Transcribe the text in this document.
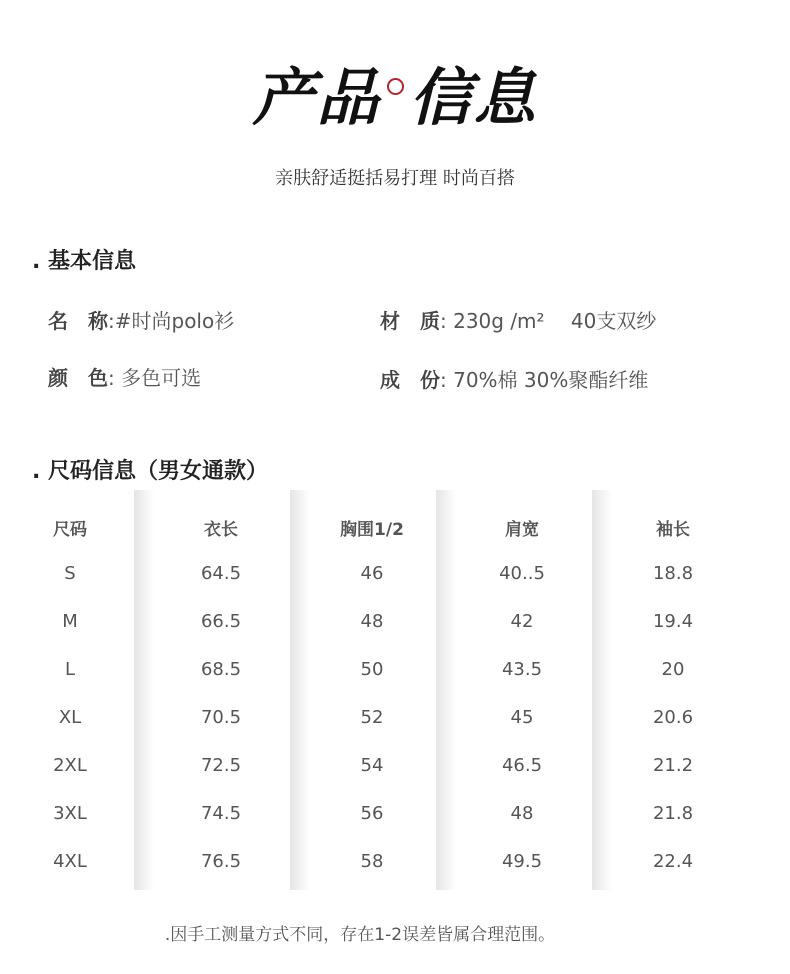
产品 信息
亲肤舒适挺括易打理 时尚百搭
. 基本信息
名　称:#时尚polo衫	材　质: 230g /m²　 40支双纱
颜　色: 多色可选	成　份: 70%棉 30%聚酯纤维
. 尺码信息（男女通款）
尺码
S
M
L
XL
2XL
3XL
4XL
衣长
64.5
66.5
68.5
70.5
72.5
74.5
76.5
胸围1/2
46
48
50
52
54
56
58
肩宽
40..5
42
43.5
45
46.5
48
49.5
袖长
18.8
19.4
20
20.6
21.2
21.8
22.4
.因手工测量方式不同，存在1-2误差皆属合理范围。
